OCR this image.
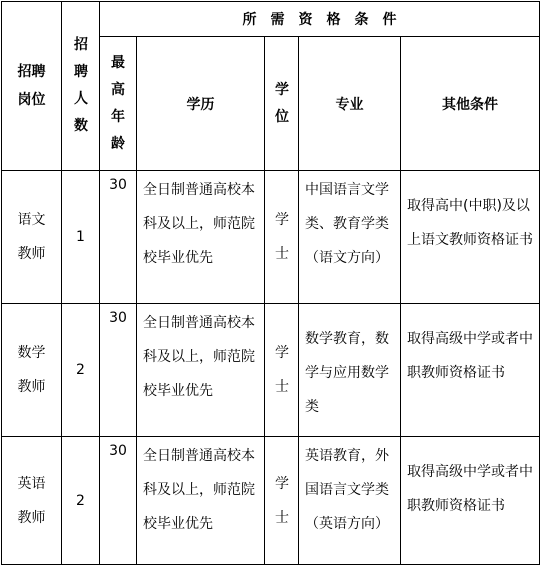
招聘岗位	招聘人数	所需资格条件				
		最高年龄	学历	学位	专业	其他条件
语文教师	1	30	全日制普通高校本科及以上，师范院校毕业优先	学士	中国语言文学类、教育学类（语文方向）	取得高中(中职)及以上语文教师资格证书
数学教师	2	30	全日制普通高校本科及以上，师范院校毕业优先	学士	数学教育，数学与应用数学类	取得高级中学或者中职教师资格证书
英语教师	2	30	全日制普通高校本科及以上，师范院校毕业优先	学士	英语教育，外国语言文学类（英语方向）	取得高级中学或者中职教师资格证书
